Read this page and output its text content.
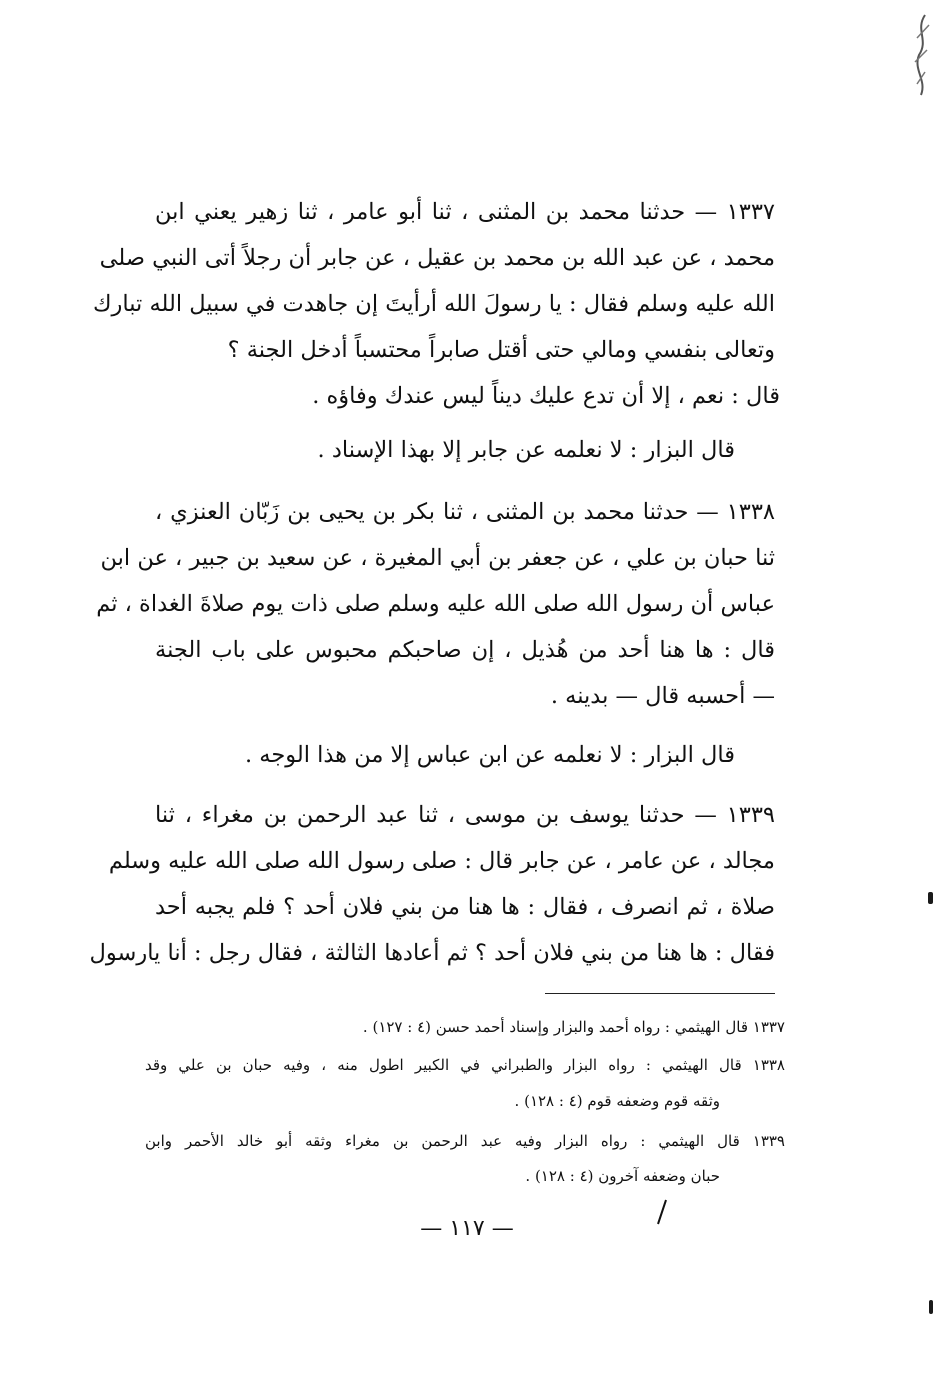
١٣٣٧ — حدثنا محمد بن المثنى ، ثنا أبو عامر ، ثنا زهير يعني ابن
محمد ، عن عبد الله بن محمد بن عقيل ، عن جابر أن رجلاً أتى النبي صلى
الله عليه وسلم فقال : يا رسولَ الله أرأيتَ إن جاهدت في سبيل الله تبارك
وتعالى بنفسي ومالي حتى أقتل صابراً محتسباً أدخل الجنة ؟
قال : نعم ، إلا أن تدع عليك ديناً ليس عندك وفاؤه .
قال البزار : لا نعلمه عن جابر إلا بهذا الإسناد .
١٣٣٨ — حدثنا محمد بن المثنى ، ثنا بكر بن يحيى بن زَبّان العنزي ،
ثنا حبان بن علي ، عن جعفر بن أبي المغيرة ، عن سعيد بن جبير ، عن ابن
عباس أن رسول الله صلى الله عليه وسلم صلى ذات يوم صلاةَ الغداة ، ثم
قال : ها هنا أحد من هُذيل ، إن صاحبكم محبوس على باب الجنة
— أحسبه قال — بدينه .
قال البزار : لا نعلمه عن ابن عباس إلا من هذا الوجه .
١٣٣٩ — حدثنا يوسف بن موسى ، ثنا عبد الرحمن بن مغراء ، ثنا
مجالد ، عن عامر ، عن جابر قال : صلى رسول الله صلى الله عليه وسلم
صلاة ، ثم انصرف ، فقال : ها هنا من بني فلان أحد ؟ فلم يجبه أحد
فقال : ها هنا من بني فلان أحد ؟ ثم أعادها الثالثة ، فقال رجل : أنا يارسول
١٣٣٧ قال الهيثمي : رواه أحمد والبزار وإسناد أحمد حسن (٤ : ١٢٧) .
١٣٣٨ قال الهيثمي : رواه البزار والطبراني في الكبير اطول منه ، وفيه حبان بن علي وقد
وثقه قوم وضعفه قوم (٤ : ١٢٨) .
١٣٣٩ قال الهيثمي : رواه البزار وفيه عبد الرحمن بن مغراء وثقه أبو خالد الأحمر وابن
حبان وضعفه آخرون (٤ : ١٢٨) .
— ١١٧ —
